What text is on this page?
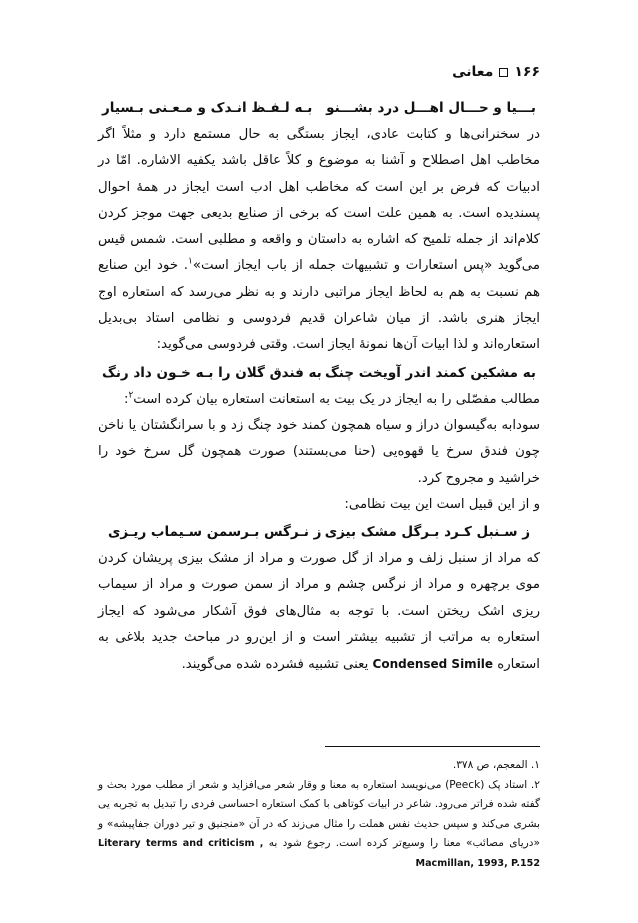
۱۶۶
معانی
بـــیا و حـــال اهـــل درد بشـــنو
بـه لـفـظ انـدک و مـعـنی بـسیار

در سخنرانی‌ها و کتابت عادی، ایجاز بستگی به حال مستمع دارد و مثلاً اگر مخاطب اهل اصطلاح و آشنا به موضوع و کلاً عاقل باشد یکفیه الاشاره. امّا در ادبیات که فرض بر این است که مخاطب اهل ادب است ایجاز در همهٔ احوال پسندیده است. به همین علت است که برخی از صنایع بدیعی جهت موجز کردن کلام‌اند از جمله تلمیح که اشاره به داستان و واقعه و مطلبی است. شمس قیس می‌گوید «پس استعارات و تشبیهات جمله از باب ایجاز است»$^۱$. خود این صنایع هم نسبت به هم به لحاظ ایجاز مراتبی دارند و به نظر می‌رسد که استعاره اوج ایجاز هنری باشد. از میان شاعران قدیم فردوسی و نظامی استاد بی‌بدیل استعاره‌اند و لذا ابیات آن‌ها نمونهٔ ایجاز است. وقتی فردوسی می‌گوید:

به مشکین کمند اندر آویخت چنگ
به فندق گلان را بـه خـون داد رنگ

مطالب مفصّلی را به ایجاز در یک بیت به استعانت استعاره بیان کرده است$^۲$:

سودابه به‌گیسوان دراز و سیاه همچون کمند خود چنگ زد و با سرانگشتان یا ناخن چون فندق سرخ یا قهوه‌یی (حنا می‌بستند) صورت همچون گل سرخ خود را خراشید و مجروح کرد.

و از این قبیل است این بیت نظامی:

ز سـنبل کـرد بـرگل مشک بیزی
ز نـرگس بـرسمن سـیماب ریـزی

که مراد از سنبل زلف و مراد از گل صورت و مراد از مشک بیزی پریشان کردن موی برچهره و مراد از نرگس چشم و مراد از سمن صورت و مراد از سیماب ریزی اشک ریختن است. با توجه به مثال‌های فوق آشکار می‌شود که ایجاز استعاره به مراتب از تشبیه بیشتر است و از این‌رو در مباحث جدید بلاغی به استعاره Condensed Simile یعنی تشبیه فشرده شده می‌گویند.

۱. المعجم، ص ۳۷۸.

۲. استاد پک (Peeck) می‌نویسد استعاره به معنا و وقار شعر می‌افزاید و شعر از مطلب مورد بحث و گفته شده فراتر می‌رود. شاعر در ابیات کوتاهی با کمک استعاره احساسی فردی را تبدیل به تجربه یی بشری می‌کند و سپس حدیث نفس هملت را مثال می‌زند که در آن «منجنیق و تیر دوران جفاپیشه» و «دریای مصائب» معنا را وسیع‌تر کرده است. رجوع شود به Literary terms and criticism , Macmillan, 1993, P.152
